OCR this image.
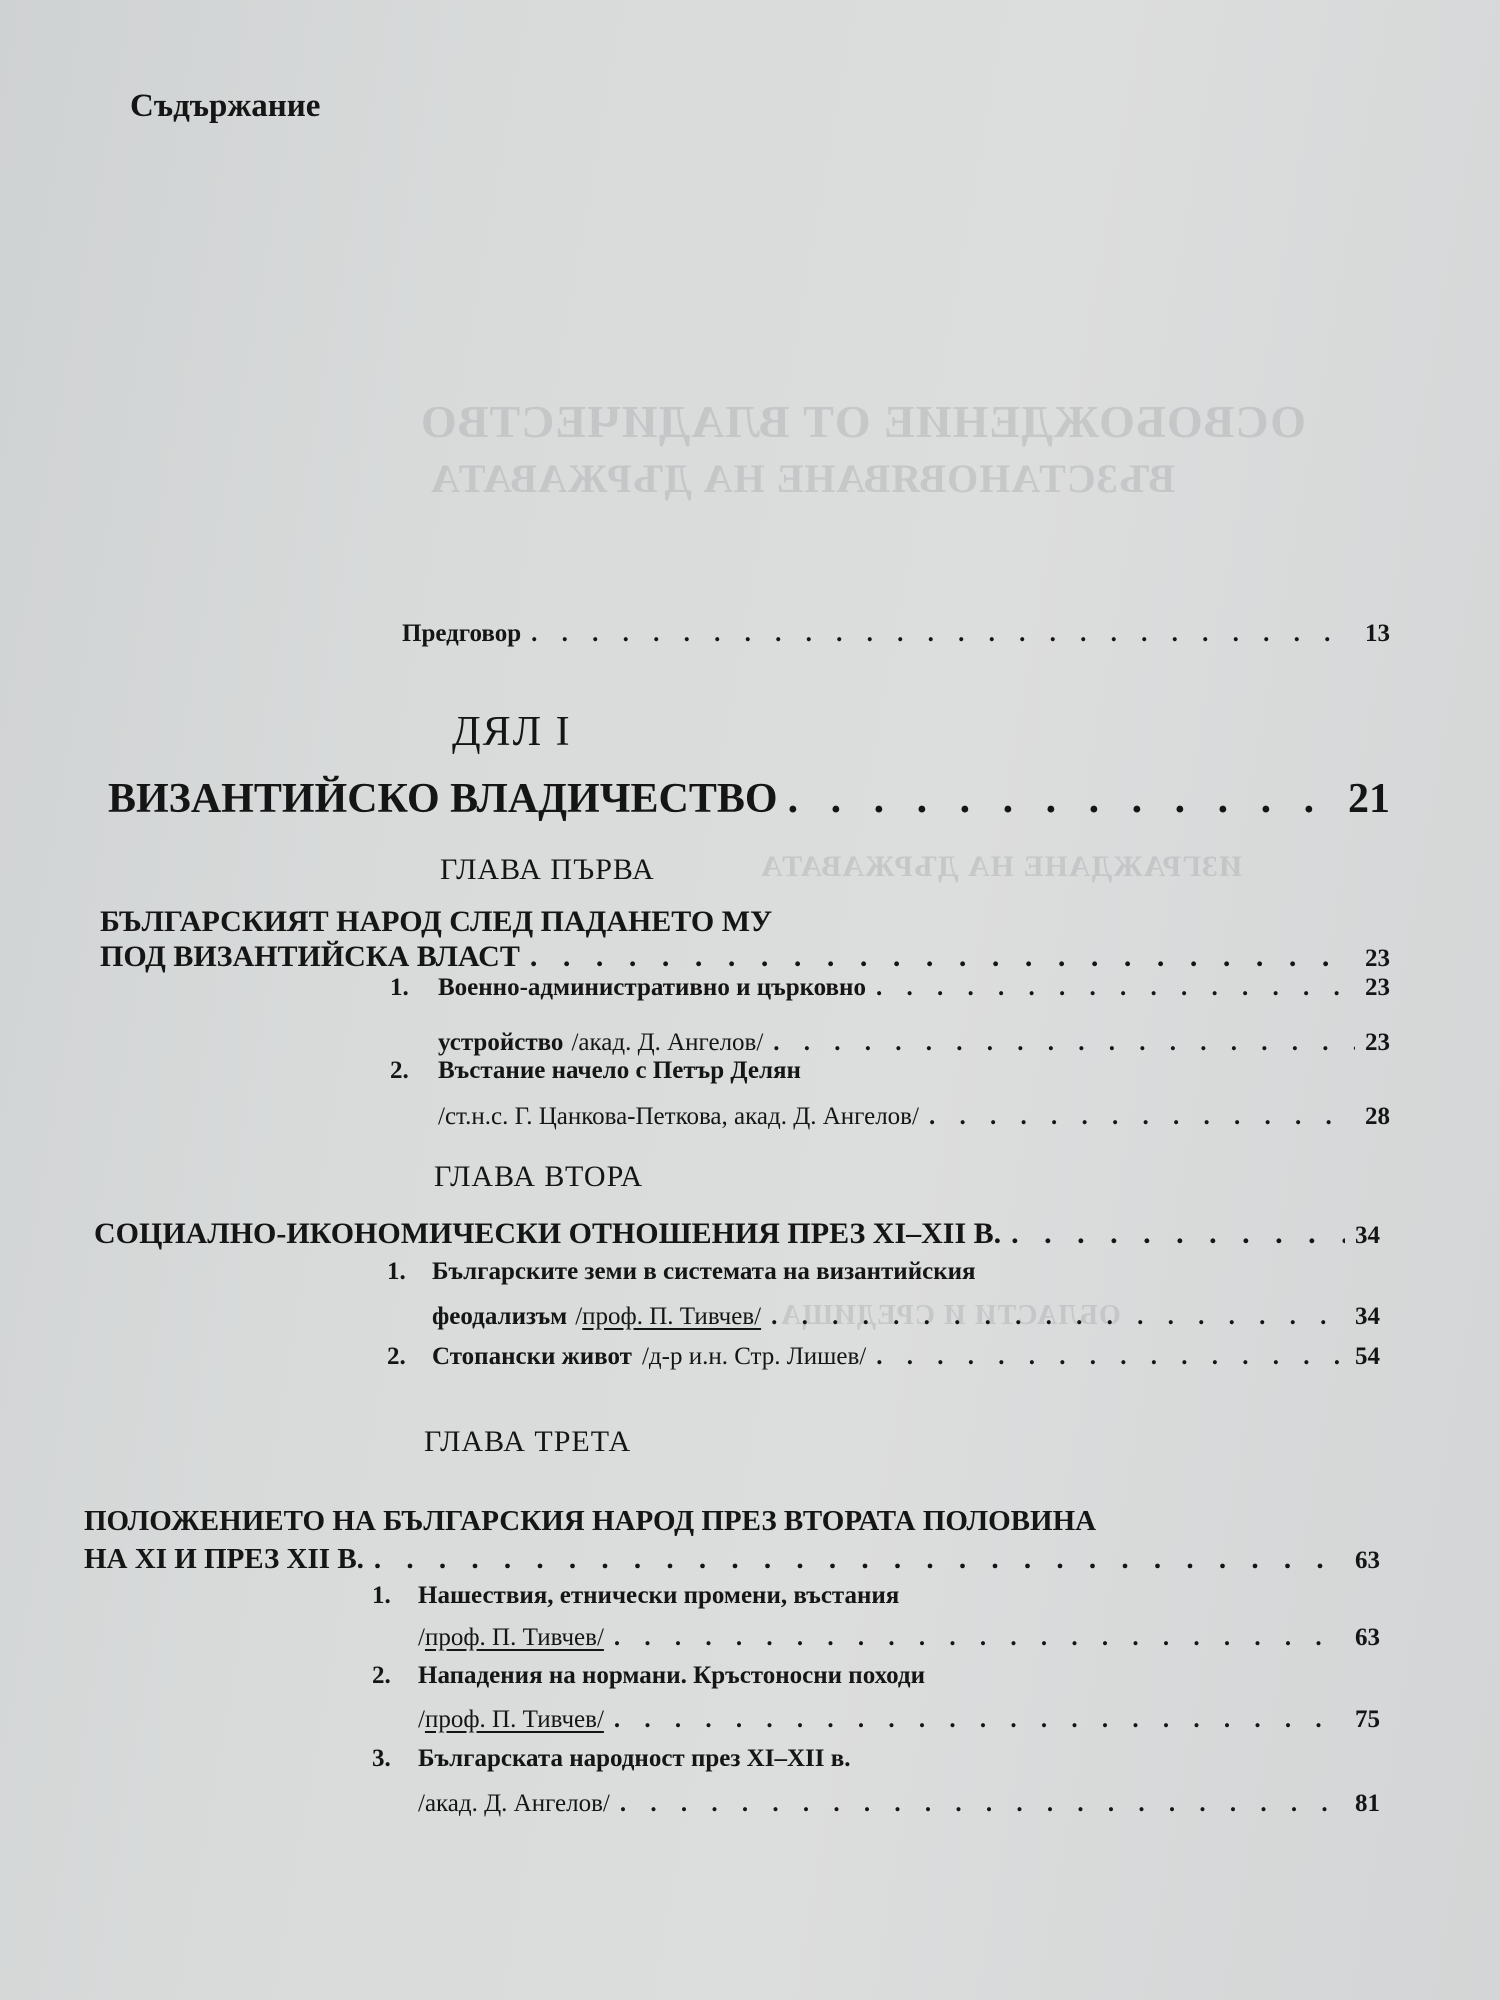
ОСВОБОЖДЕНИЕ ОТ ВЛАДИЧЕСТВО
ВЪЗСТАНОВЯВАНЕ НА ДЪРЖАВАТА
ИЗГРАЖДАНЕ НА ДЪРЖАВАТА
ОБЛАСТИ И СРЕДИЩА
Съдържание
Предговор . . .	13
ДЯЛ I
ВИЗАНТИЙСКО ВЛАДИЧЕСТВО . . .	21
ГЛАВА ПЪРВА
БЪЛГАРСКИЯТ НАРОД СЛЕД ПАДАНЕТО МУ
ПОД ВИЗАНТИЙСКА ВЛАСТ . . .	23
1.	Военно-административно и църковно . . .	23
устройство /акад. Д. Ангелов/ . . .	23
2. Въстание начело с Петър Делян
/ст.н.с. Г. Цанкова-Петкова, акад. Д. Ангелов/ . . .	28
ГЛАВА ВТОРА
СОЦИАЛНО-ИКОНОМИЧЕСКИ ОТНОШЕНИЯ ПРЕЗ XI–XII В. . . .	34
1. Българските земи в системата на византийския
феодализъм /проф. П. Тивчев/ . . .	34
2.	Стопански живот /д-р и.н. Стр. Лишев/ . . .	54
ГЛАВА ТРЕТА
ПОЛОЖЕНИЕТО НА БЪЛГАРСКИЯ НАРОД ПРЕЗ ВТОРАТА ПОЛОВИНА
НА XI И ПРЕЗ XII В. . . .	63
1. Нашествия, етнически промени, въстания
/проф. П. Тивчев/ . . .	63
2. Нападения на нормани. Кръстоносни походи
/проф. П. Тивчев/ . . .	75
3. Българската народност през XI–XII в.
/акад. Д. Ангелов/ . . .	81
